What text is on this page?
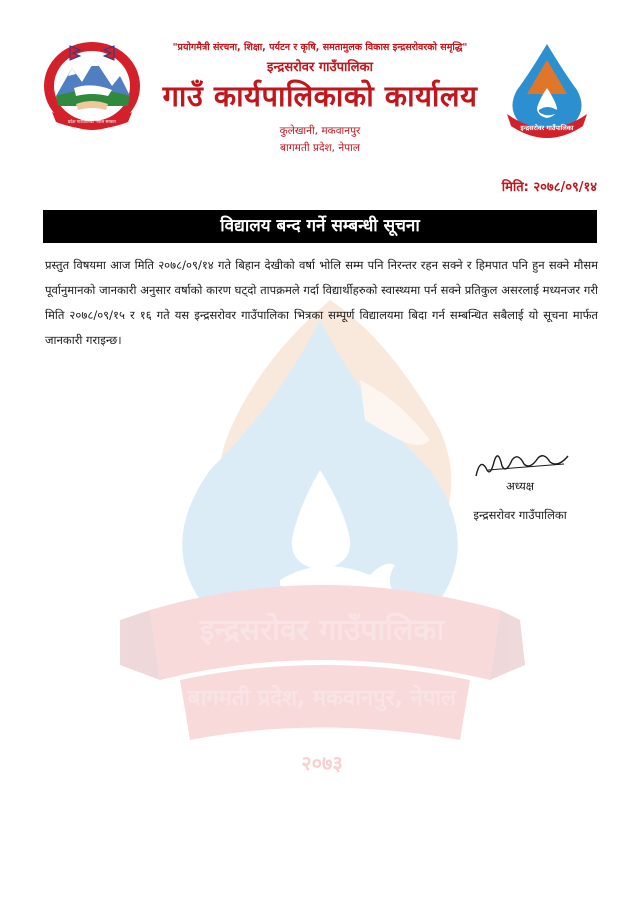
इन्द्रसरोवर गाउँपालिका
बागमती प्रदेश, मकवानपुर, नेपाल
२०७३
प्रदेश गाउँपालिका नेपाल सरकार
इन्द्रसरोवर गाउँपालिका
"प्रयोगमैत्री संरचना, शिक्षा, पर्यटन र कृषि, समतामुलक विकास इन्द्रसरोवरको समृद्धि"
इन्द्रसरोवर गाउँपालिका
गाउँ कार्यपालिकाको कार्यालय
कुलेखानी, मकवानपुर
बागमती प्रदेश, नेपाल
मिति: २०७८/०९/१४
विद्यालय बन्द गर्ने सम्बन्धी सूचना
प्रस्तुत विषयमा आज मिति २०७८/०९/१४ गते बिहान देखीको वर्षा भोलि सम्म पनि निरन्तर रहन सक्ने र हिमपात पनि हुन सक्ने मौसम पूर्वानुमानको जानकारी अनुसार वर्षाको कारण घट्दो तापक्रमले गर्दा विद्यार्थीहरुको स्वास्थ्यमा पर्न सक्ने प्रतिकुल असरलाई मध्यनजर गरी मिति २०७८/०९/१५ र १६ गते यस इन्द्रसरोवर गाउँपालिका भित्रका सम्पूर्ण विद्यालयमा बिदा गर्न सम्बन्धित सबैलाई यो सूचना मार्फत जानकारी गराइन्छ।
अध्यक्ष
इन्द्रसरोवर गाउँपालिका
